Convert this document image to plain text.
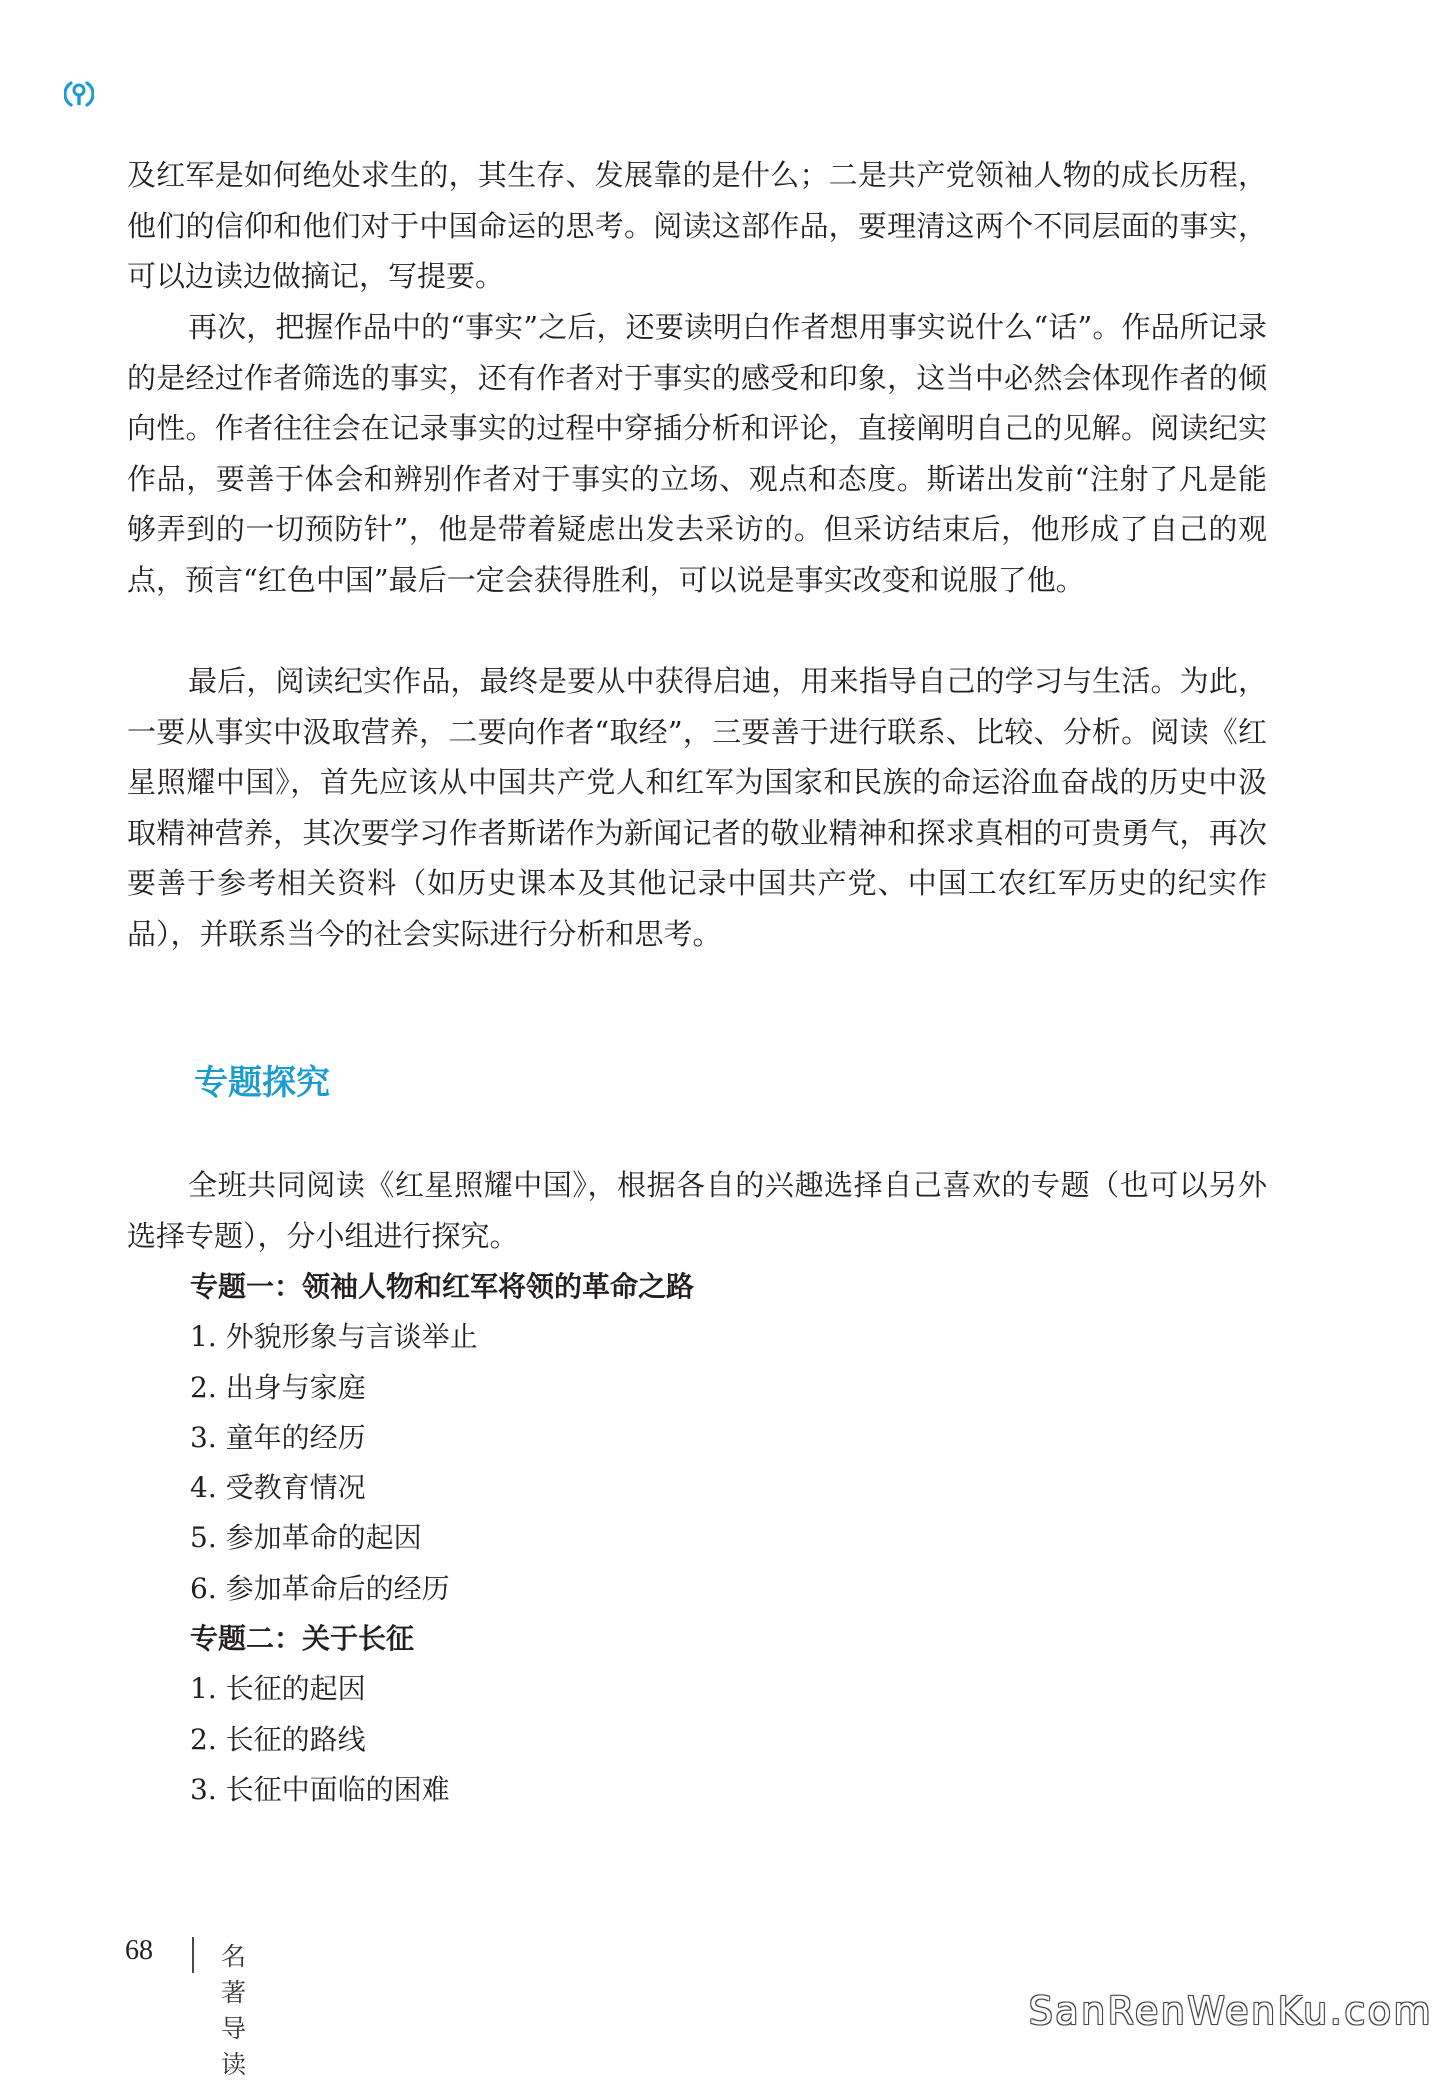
及红军是如何绝处求生的，其生存、发展靠的是什么；二是共产党领袖人物的成长历程，他们的信仰和他们对于中国命运的思考。阅读这部作品，要理清这两个不同层面的事实，可以边读边做摘记，写提要。

再次，把握作品中的“事实”之后，还要读明白作者想用事实说什么“话”。作品所记录的是经过作者筛选的事实，还有作者对于事实的感受和印象，这当中必然会体现作者的倾向性。作者往往会在记录事实的过程中穿插分析和评论，直接阐明自己的见解。阅读纪实作品，要善于体会和辨别作者对于事实的立场、观点和态度。斯诺出发前“注射了凡是能够弄到的一切预防针”，他是带着疑虑出发去采访的。但采访结束后，他形成了自己的观点，预言“红色中国”最后一定会获得胜利，可以说是事实改变和说服了他。

最后，阅读纪实作品，最终是要从中获得启迪，用来指导自己的学习与生活。为此，一要从事实中汲取营养，二要向作者“取经”，三要善于进行联系、比较、分析。阅读《红星照耀中国》，首先应该从中国共产党人和红军为国家和民族的命运浴血奋战的历史中汲取精神营养，其次要学习作者斯诺作为新闻记者的敬业精神和探求真相的可贵勇气，再次要善于参考相关资料（如历史课本及其他记录中国共产党、中国工农红军历史的纪实作品），并联系当今的社会实际进行分析和思考。

专题探究

全班共同阅读《红星照耀中国》，根据各自的兴趣选择自己喜欢的专题（也可以另外选择专题），分小组进行探究。

专题一：领袖人物和红军将领的革命之路
1. 外貌形象与言谈举止
2. 出身与家庭
3. 童年的经历
4. 受教育情况
5. 参加革命的起因
6. 参加革命后的经历
专题二：关于长征
1. 长征的起因
2. 长征的路线
3. 长征中面临的困难
68	名著导读
SanRenWenKu.com
